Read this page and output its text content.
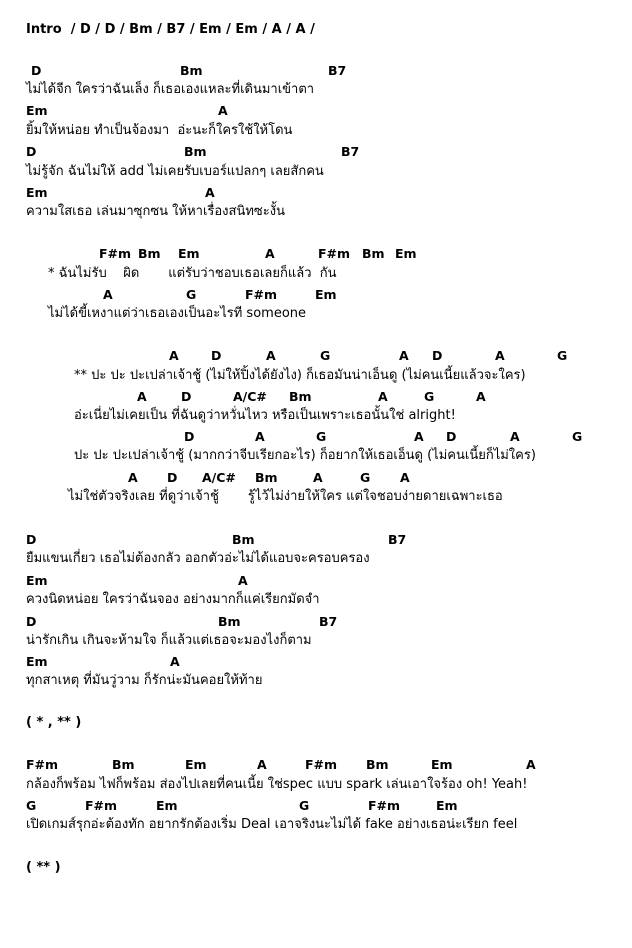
Intro  / D / D / Bm / B7 / Em / Em / A / A /

D

	Bm

	B7

ไม่ได้จีก ใครว่าฉันเล็ง ก็เธอเองแหละที่เดินมาเข้าตา

Em

	A

ยิ้มให้หน่อย ทำเป็นจ้องมา  อ่ะนะก็ใครใช้ให้โดน

D

	Bm

	B7

ไม่รู้จัก ฉันไม่ให้ add ไม่เคยรับเบอร์แปลกๆ เลยสักคน

Em

	A

ความใสเธอ เล่นมาซุกซน ให้หาเรื่องสนิทซะงั้น

F#m

Bm

Em

	A

	F#m

Bm

Em

* ฉันไม่รับ    ผิด       แต่รับว่าชอบเธอเลยก็แล้ว  กัน

A

	G

	F#m

	Em

ไม่ได้ขี้เหงาแต่ว่าเธอเองเป็นอะไรที someone

A

	D

	A

	G

	A

D

	A

	G

** ปะ ปะ ปะเปล่าเจ้าชู้ (ไม่ให้ปิ้งได้ยังไง) ก็เธอมันน่าเอ็นดู (ไม่คนเนี้ยแล้วจะใคร)

A

	D

	A/C#

Bm

	A

	G

	A

อ่ะเนี่ยไม่เคยเป็น ที่ฉันดูว่าหวั่นไหว หรือเป็นเพราะเธอนั้นใช่ alright!

D

	A

	G

	A

D

	A

	G

ปะ ปะ ปะเปล่าเจ้าชู้ (มากกว่าจีบเรียกอะไร) ก็อยากให้เธอเอ็นดู (ไม่คนเนี้ยก็ไม่ใคร)

A

D

A/C#

Bm

	A

	G

A

ไม่ใช่ตัวจริงเลย ที่ดูว่าเจ้าชู้       รู้ไว้ไม่ง่ายให้ใคร แต่ใจชอบง่ายดายเฉพาะเธอ

D

	Bm

	B7

ยืมแขนเกี่ยว เธอไม่ต้องกลัว ออกตัวอ่ะไม่ได้แอบจะครอบครอง

Em

	A

ควงนิดหน่อย ใครว่าฉันจอง อย่างมากก็แค่เรียกมัดจำ

D

	Bm

	B7

น่ารักเกิน เกินจะห้ามใจ ก็แล้วแต่เธอจะมองไงก็ตาม

Em

	A

ทุกสาเหตุ ที่มันวู่วาม ก็รักน่ะมันคอยให้ท้าย

( * , ** )

F#m

	Bm

	Em

	A

	F#m

Bm

	Em

	A

กล้องก็พร้อม ไฟก็พร้อม ส่องไปเลยที่คนเนี้ย ใช่spec แบบ spark เล่นเอาใจร้อง oh! Yeah!

G

	F#m

	Em

	G

	F#m

	Em

เปิดเกมส์รุกอ่ะต้องทัก อยากรักต้องเริ่ม Deal เอาจริงนะไม่ได้ fake อย่างเธอน่ะเรียก feel

( ** )
